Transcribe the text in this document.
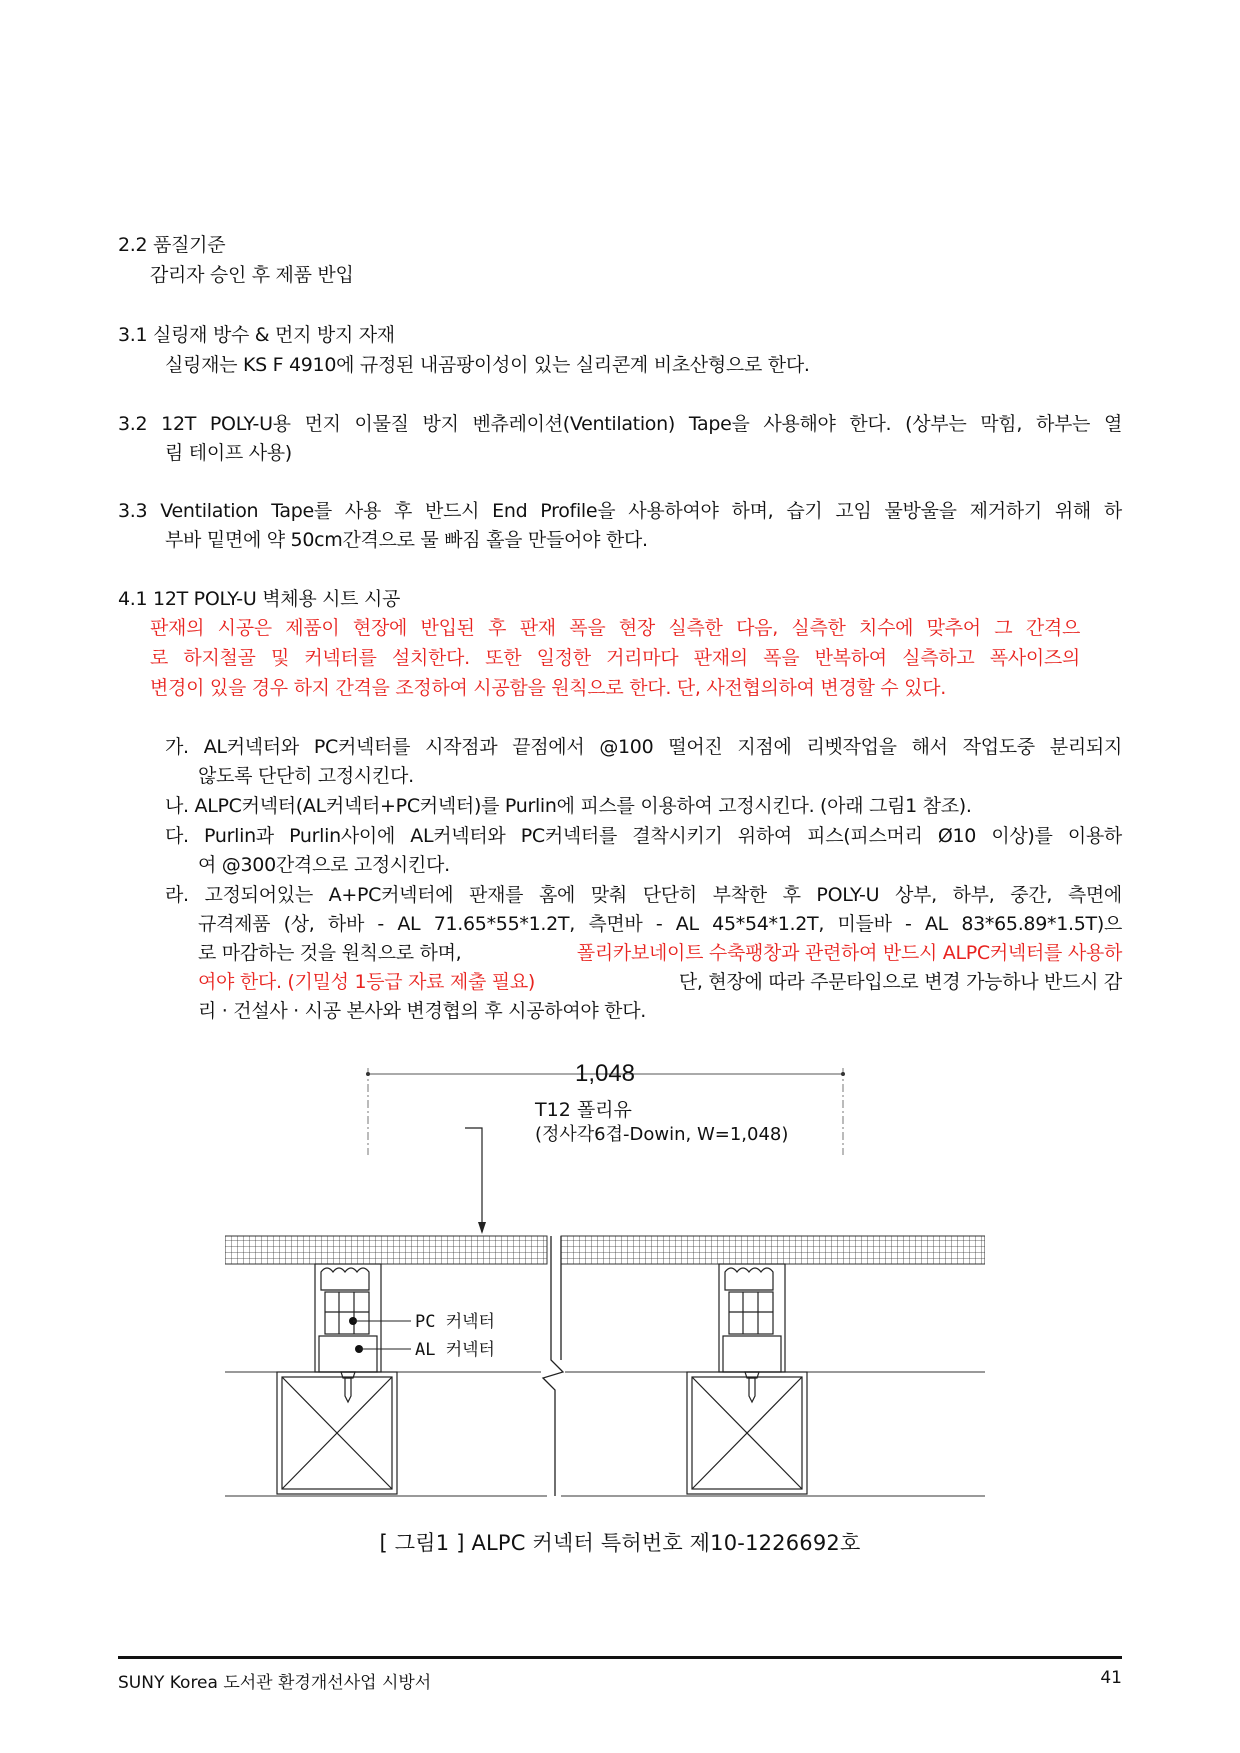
2.2 품질기준
감리자 승인 후 제품 반입
3.1 실링재 방수 & 먼지 방지 자재
실링재는 KS F 4910에 규정된 내곰팡이성이 있는 실리콘계 비초산형으로 한다.
3.2 12T POLY-U용 먼지 이물질 방지 벤츄레이션(Ventilation) Tape을 사용해야 한다. (상부는 막힘, 하부는 열
림 테이프 사용)
3.3 Ventilation Tape를 사용 후 반드시 End Profile을 사용하여야 하며, 습기 고임 물방울을 제거하기 위해 하
부바 밑면에 약 50cm간격으로 물 빠짐 홀을 만들어야 한다.
4.1 12T POLY-U 벽체용 시트 시공
판재의 시공은 제품이 현장에 반입된 후 판재 폭을 현장 실측한 다음, 실측한 치수에 맞추어 그 간격으
로 하지철골 및 커넥터를 설치한다. 또한 일정한 거리마다 판재의 폭을 반복하여 실측하고 폭사이즈의
변경이 있을 경우 하지 간격을 조정하여 시공함을 원칙으로 한다. 단, 사전협의하여 변경할 수 있다.
가. AL커넥터와 PC커넥터를 시작점과 끝점에서 @100 떨어진 지점에 리벳작업을 해서 작업도중 분리되지
않도록 단단히 고정시킨다.
나. ALPC커넥터(AL커넥터+PC커넥터)를 Purlin에 피스를 이용하여 고정시킨다. (아래 그림1 참조).
다. Purlin과 Purlin사이에 AL커넥터와 PC커넥터를 결착시키기 위하여 피스(피스머리 Ø10 이상)를 이용하
여 @300간격으로 고정시킨다.
라. 고정되어있는 A+PC커넥터에 판재를 홈에 맞춰 단단히 부착한 후 POLY-U 상부, 하부, 중간, 측면에
규격제품 (상, 하바 - AL 71.65*55*1.2T, 측면바 - AL 45*54*1.2T, 미들바 - AL 83*65.89*1.5T)으
로 마감하는 것을 원칙으로 하며,	폴리카보네이트 수축팽창과 관련하여 반드시 ALPC커넥터를 사용하
여야 한다. (기밀성 1등급 자료 제출 필요)	단, 현장에 따라 주문타입으로 변경 가능하나 반드시 감
리 · 건설사 · 시공 본사와 변경협의 후 시공하여야 한다.
1,048
T12 폴리유
(정사각6겹-Dowin, W=1,048)
PC 커넥터
AL 커넥터
[ 그림1 ] ALPC 커넥터 특허번호 제10-1226692호
SUNY Korea 도서관 환경개선사업 시방서	41
